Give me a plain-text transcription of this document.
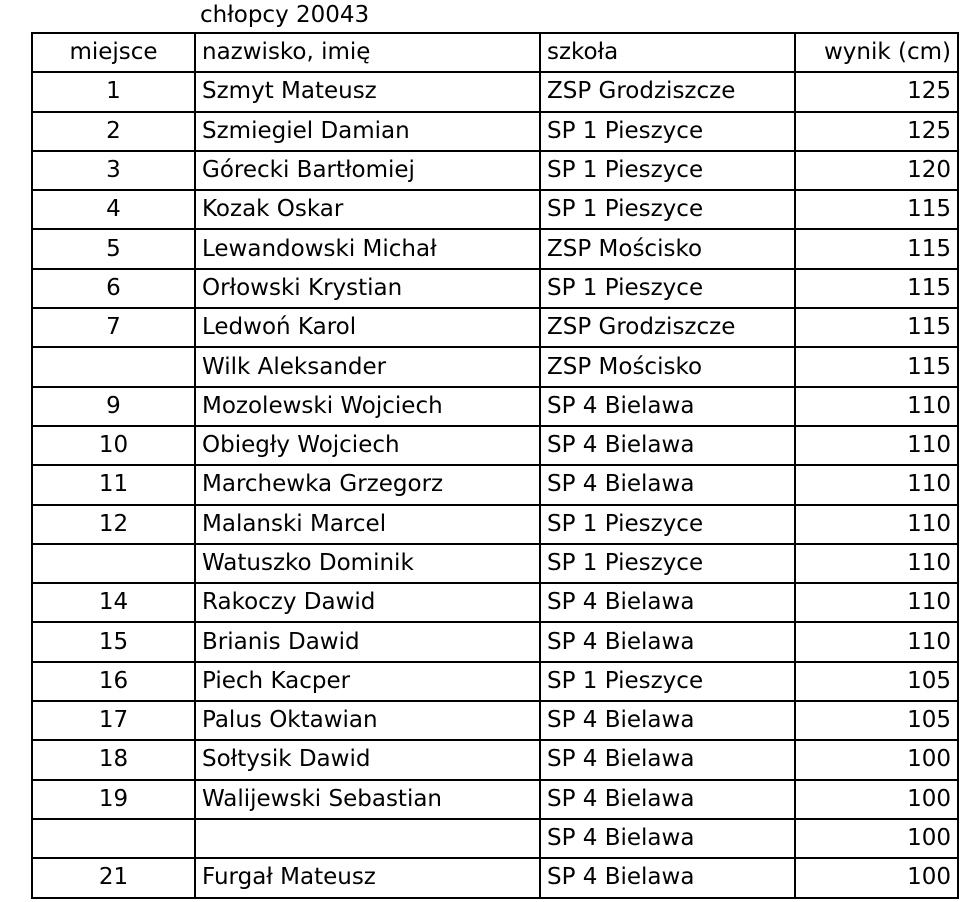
chłopcy 20043
miejsce	nazwisko, imię	szkoła	wynik (cm)
1	Szmyt Mateusz	ZSP Grodziszcze	125
2	Szmiegiel Damian	SP 1 Pieszyce	125
3	Górecki Bartłomiej	SP 1 Pieszyce	120
4	Kozak Oskar	SP 1 Pieszyce	115
5	Lewandowski Michał	ZSP Mościsko	115
6	Orłowski Krystian	SP 1 Pieszyce	115
7	Ledwoń Karol	ZSP Grodziszcze	115
	Wilk Aleksander	ZSP Mościsko	115
9	Mozolewski Wojciech	SP 4 Bielawa	110
10	Obiegły Wojciech	SP 4 Bielawa	110
11	Marchewka Grzegorz	SP 4 Bielawa	110
12	Malanski Marcel	SP 1 Pieszyce	110
	Watuszko Dominik	SP 1 Pieszyce	110
14	Rakoczy Dawid	SP 4 Bielawa	110
15	Brianis Dawid	SP 4 Bielawa	110
16	Piech Kacper	SP 1 Pieszyce	105
17	Palus Oktawian	SP 4 Bielawa	105
18	Sołtysik Dawid	SP 4 Bielawa	100
19	Walijewski Sebastian	SP 4 Bielawa	100
		SP 4 Bielawa	100
21	Furgał Mateusz	SP 4 Bielawa	100
